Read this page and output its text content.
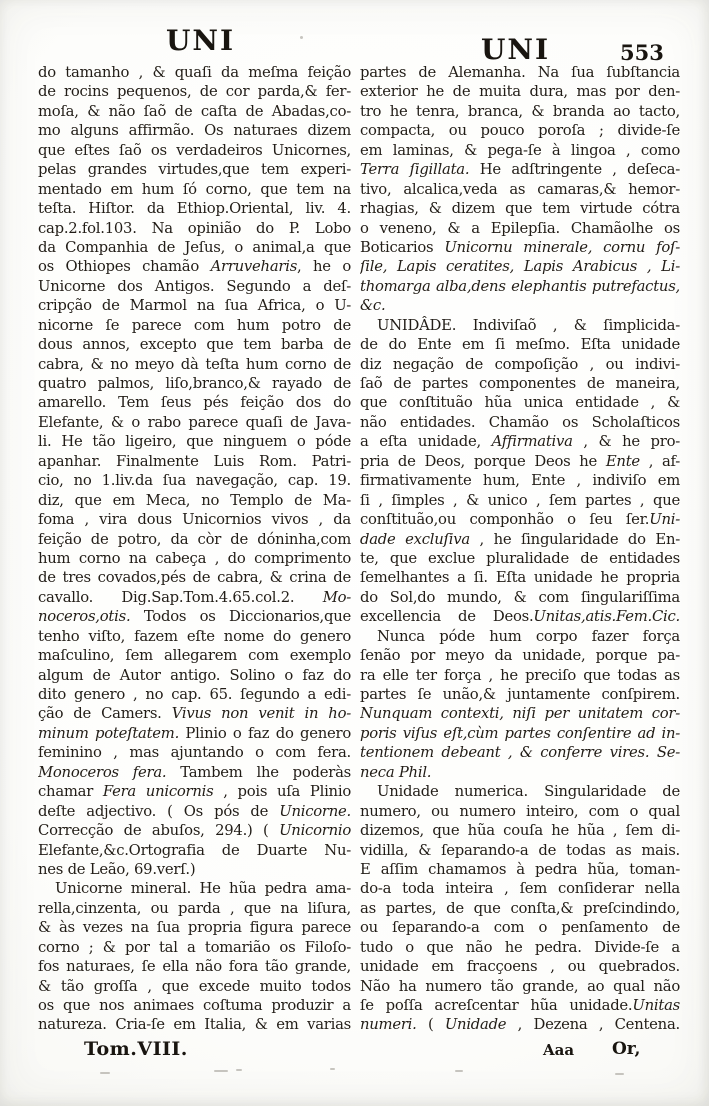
UNI	UNI	553
do tamanho , & quaſi da meſma feição
de rocins pequenos, de cor parda,& fer-
moſa, & não ſaõ de caſta de Abadas,co-
mo alguns affirmão. Os naturaes dizem
que eſtes ſaõ os verdadeiros Unicornes,
pelas grandes virtudes,que tem experi-
mentado em hum ſó corno, que tem na
teſta. Hiſtor. da Ethiop.Oriental, liv. 4.
cap.2.fol.103. Na opinião do P. Lobo
da Companhia de Jeſus, o animal,a que
os Othiopes chamão Arruveharis, he o
Unicorne dos Antigos. Segundo a deſ-
cripção de Marmol na ſua Africa, o U-
nicorne ſe parece com hum potro de
dous annos, excepto que tem barba de
cabra, & no meyo dà teſta hum corno de
quatro palmos, liſo,branco,& rayado de
amarello. Tem ſeus pés feição dos do
Elefante, & o rabo parece quaſi de Java-
li. He tão ligeiro, que ninguem o póde
apanhar. Finalmente Luis Rom. Patri-
cio, no 1.liv.da ſua navegação, cap. 19.
diz, que em Meca, no Templo de Ma-
foma , vira dous Unicornios vivos , da
feição de potro, da còr de dóninha,com
hum corno na cabeça , do comprimento
de tres covados,pés de cabra, & crina de
cavallo. Dig.Sap.Tom.4.65.col.2. Mo-
noceros,otis. Todos os Diccionarios,que
tenho viſto, fazem eſte nome do genero
maſculino, ſem allegarem com exemplo
algum de Autor antigo. Solino o faz do
dito genero , no cap. 65. ſegundo a edi-
ção de Camers. Vivus non venit in ho-
minum poteſtatem. Plinio o faz do genero
feminino , mas ajuntando o com fera.
Monoceros fera. Tambem lhe poderàs
chamar Fera unicornis , pois uſa Plinio
deſte adjectivo. ( Os pós de Unicorne.
Correcção de abuſos, 294.) ( Unicornio
Elefante,&c.Ortografia de Duarte Nu-
nes de Leão, 69.verſ.)
Unicorne mineral. He hũa pedra ama-
rella,cinzenta, ou parda , que na liſura,
& às vezes na ſua propria figura parece
corno ; & por tal a tomarião os Filoſo-
fos naturaes, ſe ella não fora tão grande,
& tão groſſa , que excede muito todos
os que nos animaes coſtuma produzir a
natureza. Cria-ſe em Italia, & em varias
partes de Alemanha. Na ſua ſubſtancia
exterior he de muita dura, mas por den-
tro he tenra, branca, & branda ao tacto,
compacta, ou pouco poroſa ; divide-ſe
em laminas, & pega-ſe à lingoa , como
Terra ſigillata. He adſtringente , deſeca-
tivo, alcalica,veda as camaras,& hemor-
rhagias, & dizem que tem virtude cótra
o veneno, & a Epilepſia. Chamãolhe os
Boticarios Unicornu minerale, cornu foſ-
ſile, Lapis ceratites, Lapis Arabicus , Li-
thomarga alba,dens elephantis putrefactus,
&c.
UNIDÂDE. Indiviſaõ , & ſimplicida-
de do Ente em ſi meſmo. Eſta unidade
diz negação de compoſição , ou indivi-
ſaõ de partes componentes de maneira,
que conſtituão hũa unica entidade , &
não entidades. Chamão os Scholaſticos
a eſta unidade, Affirmativa , & he pro-
pria de Deos, porque Deos he Ente , af-
firmativamente hum, Ente , indiviſo em
ſi , ſimples , & unico , ſem partes , que
conſtituão,ou componhão o ſeu ſer.Uni-
dade excluſiva , he ſingularidade do En-
te, que exclue pluralidade de entidades
ſemelhantes a ſi. Eſta unidade he propria
do Sol,do mundo, & com ſingulariſſima
excellencia de Deos.Unitas,atis.Fem.Cic.
Nunca póde hum corpo fazer força
ſenão por meyo da unidade, porque pa-
ra elle ter força , he preciſo que todas as
partes ſe unão,& juntamente conſpirem.
Nunquam contexti, niſi per unitatem cor-
poris viſus eſt,cùm partes conſentire ad in-
tentionem debeant , & conferre vires. Se-
neca Phil.
Unidade numerica. Singularidade de
numero, ou numero inteiro, com o qual
dizemos, que hũa couſa he hũa , ſem di-
vidilla, & ſeparando-a de todas as mais.
E aſſim chamamos à pedra hũa, toman-
do-a toda inteira , ſem conſiderar nella
as partes, de que conſta,& preſcindindo,
ou ſeparando-a com o penſamento de
tudo o que não he pedra. Divide-ſe a
unidade em fracçoens , ou quebrados.
Não ha numero tão grande, ao qual não
ſe poſſa acreſcentar hũa unidade.Unitas
numeri. ( Unidade , Dezena , Centena.
Tom.VIII.	Aaa Or,
